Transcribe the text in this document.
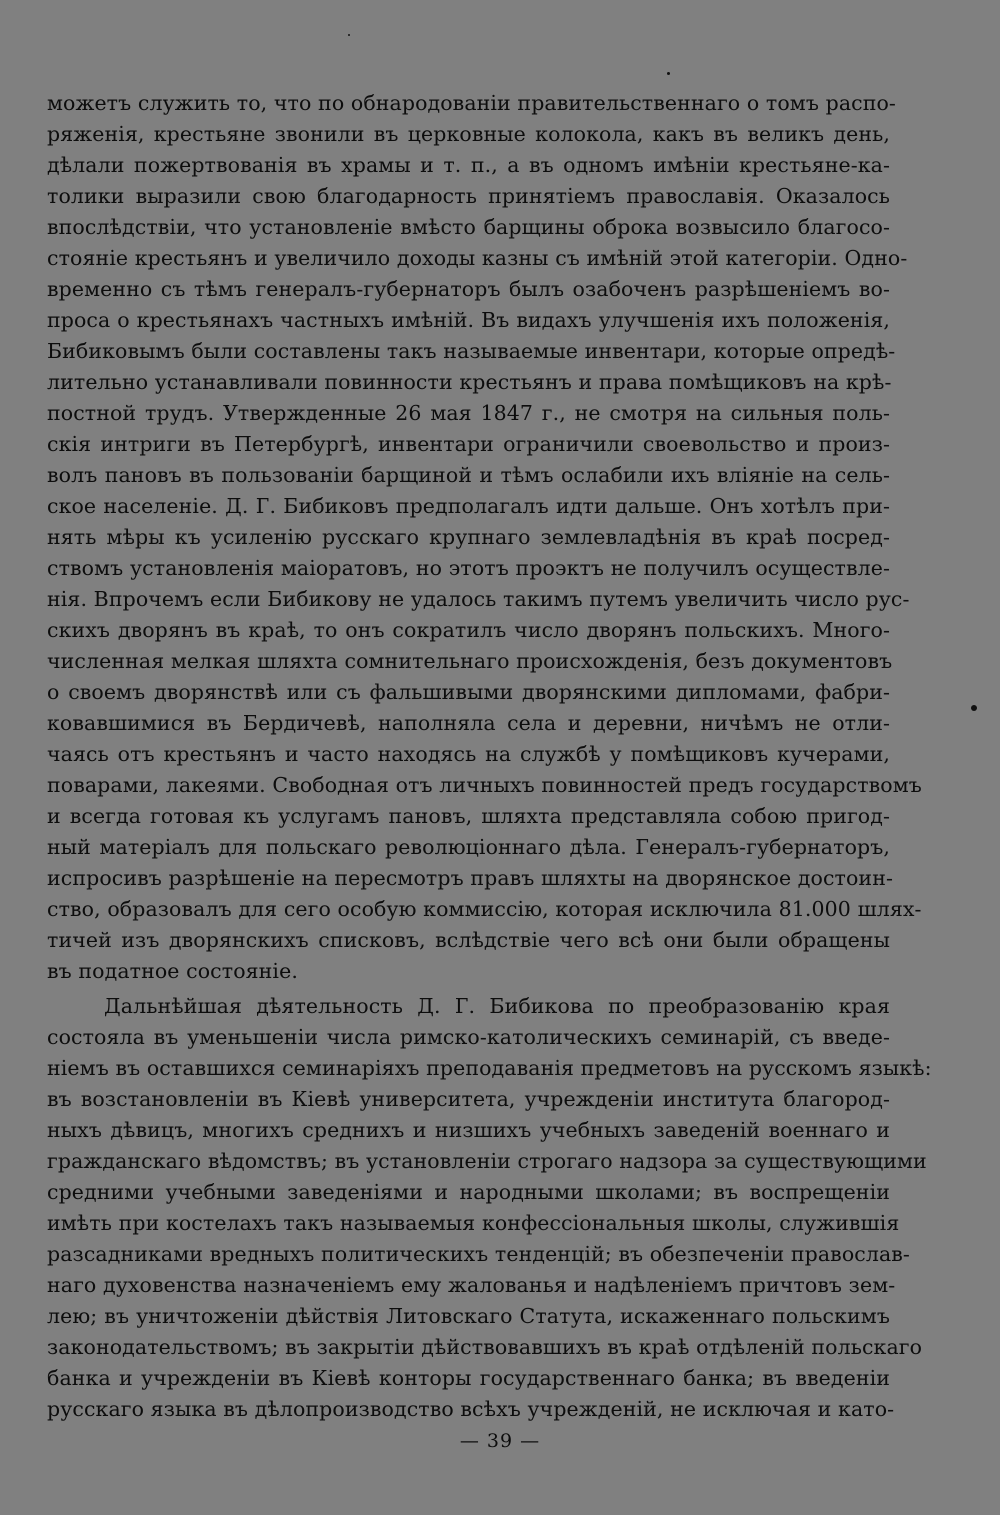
можетъ служить то, что по обнародованіи правительственнаго о томъ распо-
ряженія, крестьяне звонили въ церковные колокола, какъ въ великъ день,
дѣлали пожертвованія въ храмы и т. п., а въ одномъ имѣніи крестьяне-ка-
толики выразили свою благодарность принятіемъ православія. Оказалось
впослѣдствіи, что установленіе вмѣсто барщины оброка возвысило благосо-
стояніе крестьянъ и увеличило доходы казны съ имѣній этой категоріи. Одно-
временно съ тѣмъ генералъ-губернаторъ былъ озабоченъ разрѣшеніемъ во-
проса о крестьянахъ частныхъ имѣній. Въ видахъ улучшенія ихъ положенія,
Бибиковымъ были составлены такъ называемые инвентари, которые опредѣ-
лительно устанавливали повинности крестьянъ и права помѣщиковъ на крѣ-
постной трудъ. Утвержденные 26 мая 1847 г., не смотря на сильныя поль-
скія интриги въ Петербургѣ, инвентари ограничили своевольство и произ-
волъ пановъ въ пользованіи барщиной и тѣмъ ослабили ихъ вліяніе на сель-
ское населеніе. Д. Г. Бибиковъ предполагалъ идти дальше. Онъ хотѣлъ при-
нять мѣры къ усиленію русскаго крупнаго землевладѣнія въ краѣ посред-
ствомъ установленія маіоратовъ, но этотъ проэктъ не получилъ осуществле-
нія. Впрочемъ если Бибикову не удалось такимъ путемъ увеличить число рус-
скихъ дворянъ въ краѣ, то онъ сократилъ число дворянъ польскихъ. Много-
численная мелкая шляхта сомнительнаго происхожденія, безъ документовъ
о своемъ дворянствѣ или съ фальшивыми дворянскими дипломами, фабри-
ковавшимися въ Бердичевѣ, наполняла села и деревни, ничѣмъ не отли-
чаясь отъ крестьянъ и часто находясь на службѣ у помѣщиковъ кучерами,
поварами, лакеями. Свободная отъ личныхъ повинностей предъ государствомъ
и всегда готовая къ услугамъ пановъ, шляхта представляла собою пригод-
ный матеріалъ для польскаго революціоннаго дѣла. Генералъ-губернаторъ,
испросивъ разрѣшеніе на пересмотръ правъ шляхты на дворянское достоин-
ство, образовалъ для сего особую коммиссію, которая исключила 81.000 шлях-
тичей изъ дворянскихъ списковъ, вслѣдствіе чего всѣ они были обращены
въ податное состояніе.
Дальнѣйшая дѣятельность Д. Г. Бибикова по преобразованію края
состояла въ уменьшеніи числа римско-католическихъ семинарій, съ введе-
ніемъ въ оставшихся семинаріяхъ преподаванія предметовъ на русскомъ языкѣ:
въ возстановленіи въ Кіевѣ университета, учрежденіи института благород-
ныхъ дѣвицъ, многихъ среднихъ и низшихъ учебныхъ заведеній военнаго и
гражданскаго вѣдомствъ; въ установленіи строгаго надзора за существующими
средними учебными заведеніями и народными школами; въ воспрещеніи
имѣть при костелахъ такъ называемыя конфессіональныя школы, служившія
разсадниками вредныхъ политическихъ тенденцій; въ обезпеченіи православ-
наго духовенства назначеніемъ ему жалованья и надѣленіемъ причтовъ зем-
лею; въ уничтоженіи дѣйствія Литовскаго Статута, искаженнаго польскимъ
законодательствомъ; въ закрытіи дѣйствовавшихъ въ краѣ отдѣленій польскаго
банка и учрежденіи въ Кіевѣ конторы государственнаго банка; въ введеніи
русскаго языка въ дѣлопроизводство всѣхъ учрежденій, не исключая и като-
— 39 —
